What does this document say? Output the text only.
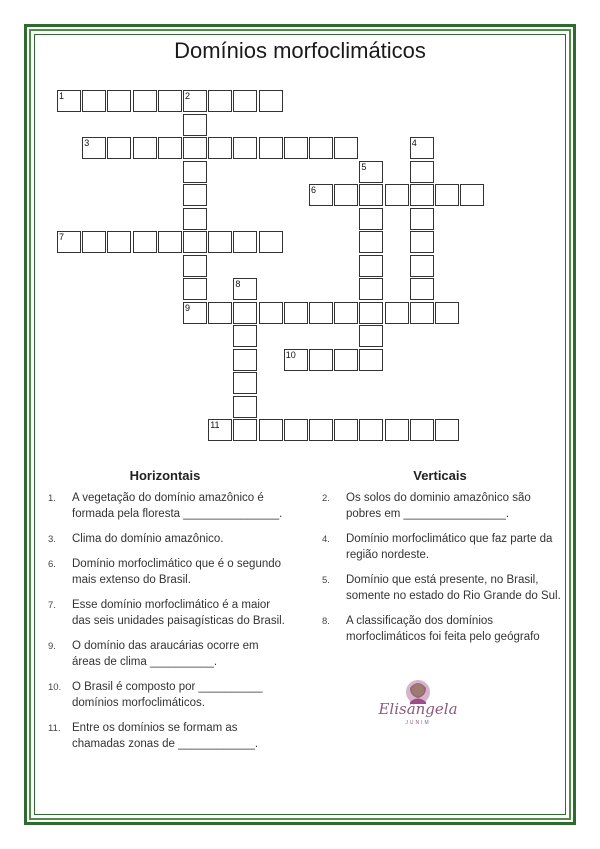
Domínios morfoclimáticos
1	2
9
3	4
5
6
7
8
10
11
Horizontais
1. A vegetação do domínio amazônico é formada pela floresta _______________.
3. Clima do domínio amazônico.
6. Domínio morfoclimático que é o segundo mais extenso do Brasil.
7. Esse domínio morfoclimático é a maior das seis unidades paisagísticas do Brasil.
9. O domínio das araucárias ocorre em áreas de clima __________.
10. O Brasil é composto por __________ domínios morfoclimáticos.
11. Entre os domínios se formam as chamadas zonas de ____________.
Verticais
2. Os solos do dominio amazônico são pobres em ________________.
4. Domínio morfoclimático que faz parte da região nordeste.
5. Domínio que está presente, no Brasil, somente no estado do Rio Grande do Sul.
8. A classificação dos domínios morfoclimáticos foi feita pelo geógrafo
Elisângela
JUNIM
